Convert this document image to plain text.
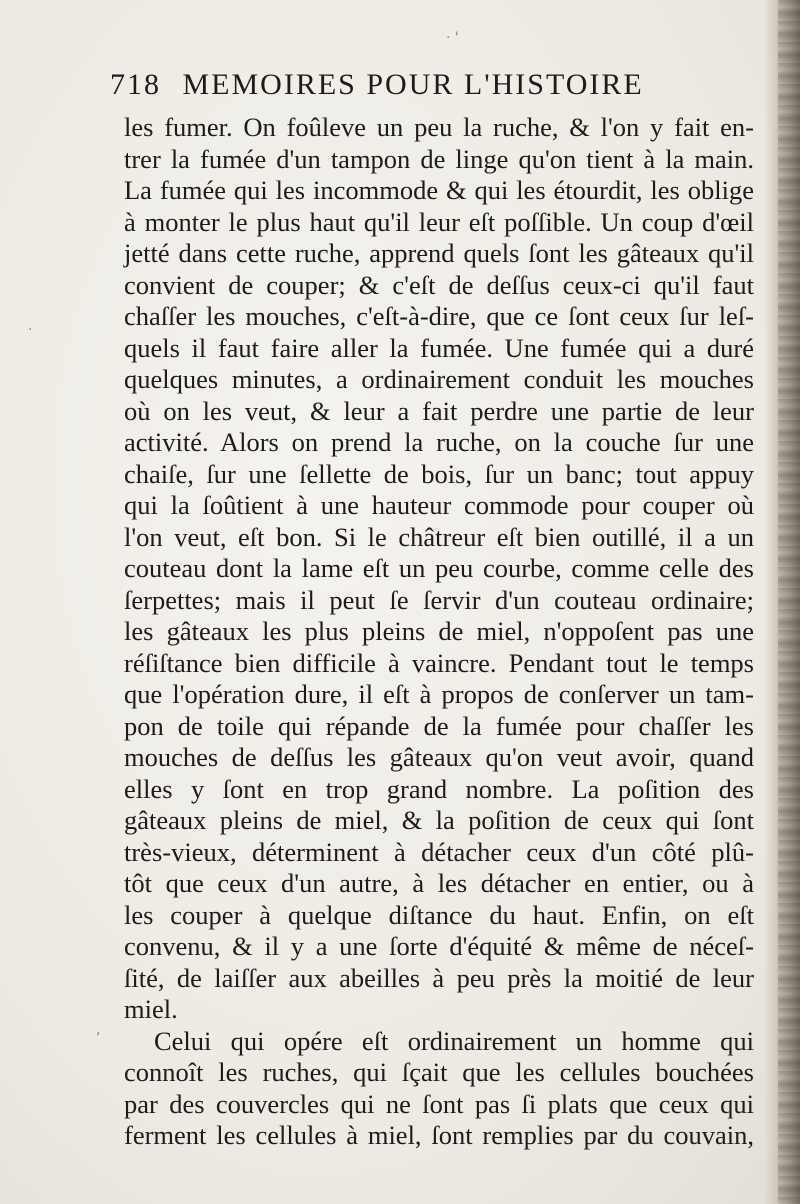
718 MEMOIRES POUR L'HISTOIRE
les fumer. On foûleve un peu la ruche, & l'on y fait en-
trer la fumée d'un tampon de linge qu'on tient à la main.
La fumée qui les incommode & qui les étourdit, les oblige
à monter le plus haut qu'il leur eſt poſſible. Un coup d'œil
jetté dans cette ruche, apprend quels ſont les gâteaux qu'il
convient de couper; & c'eſt de deſſus ceux-ci qu'il faut
chaſſer les mouches, c'eſt-à-dire, que ce ſont ceux ſur leſ-
quels il faut faire aller la fumée. Une fumée qui a duré
quelques minutes, a ordinairement conduit les mouches
où on les veut, & leur a fait perdre une partie de leur
activité. Alors on prend la ruche, on la couche ſur une
chaiſe, ſur une ſellette de bois, ſur un banc; tout appuy
qui la ſoûtient à une hauteur commode pour couper où
l'on veut, eſt bon. Si le châtreur eſt bien outillé, il a un
couteau dont la lame eſt un peu courbe, comme celle des
ſerpettes; mais il peut ſe ſervir d'un couteau ordinaire;
les gâteaux les plus pleins de miel, n'oppoſent pas une
réſiſtance bien difficile à vaincre. Pendant tout le temps
que l'opération dure, il eſt à propos de conſerver un tam-
pon de toile qui répande de la fumée pour chaſſer les
mouches de deſſus les gâteaux qu'on veut avoir, quand
elles y ſont en trop grand nombre. La poſition des
gâteaux pleins de miel, & la poſition de ceux qui ſont
très-vieux, déterminent à détacher ceux d'un côté plû-
tôt que ceux d'un autre, à les détacher en entier, ou à
les couper à quelque diſtance du haut. Enfin, on eſt
convenu, & il y a une ſorte d'équité & même de néceſ-
ſité, de laiſſer aux abeilles à peu près la moitié de leur
miel.
Celui qui opére eſt ordinairement un homme qui
connoît les ruches, qui ſçait que les cellules bouchées
par des couvercles qui ne ſont pas ſi plats que ceux qui
ferment les cellules à miel, ſont remplies par du couvain,
· '
·
,
